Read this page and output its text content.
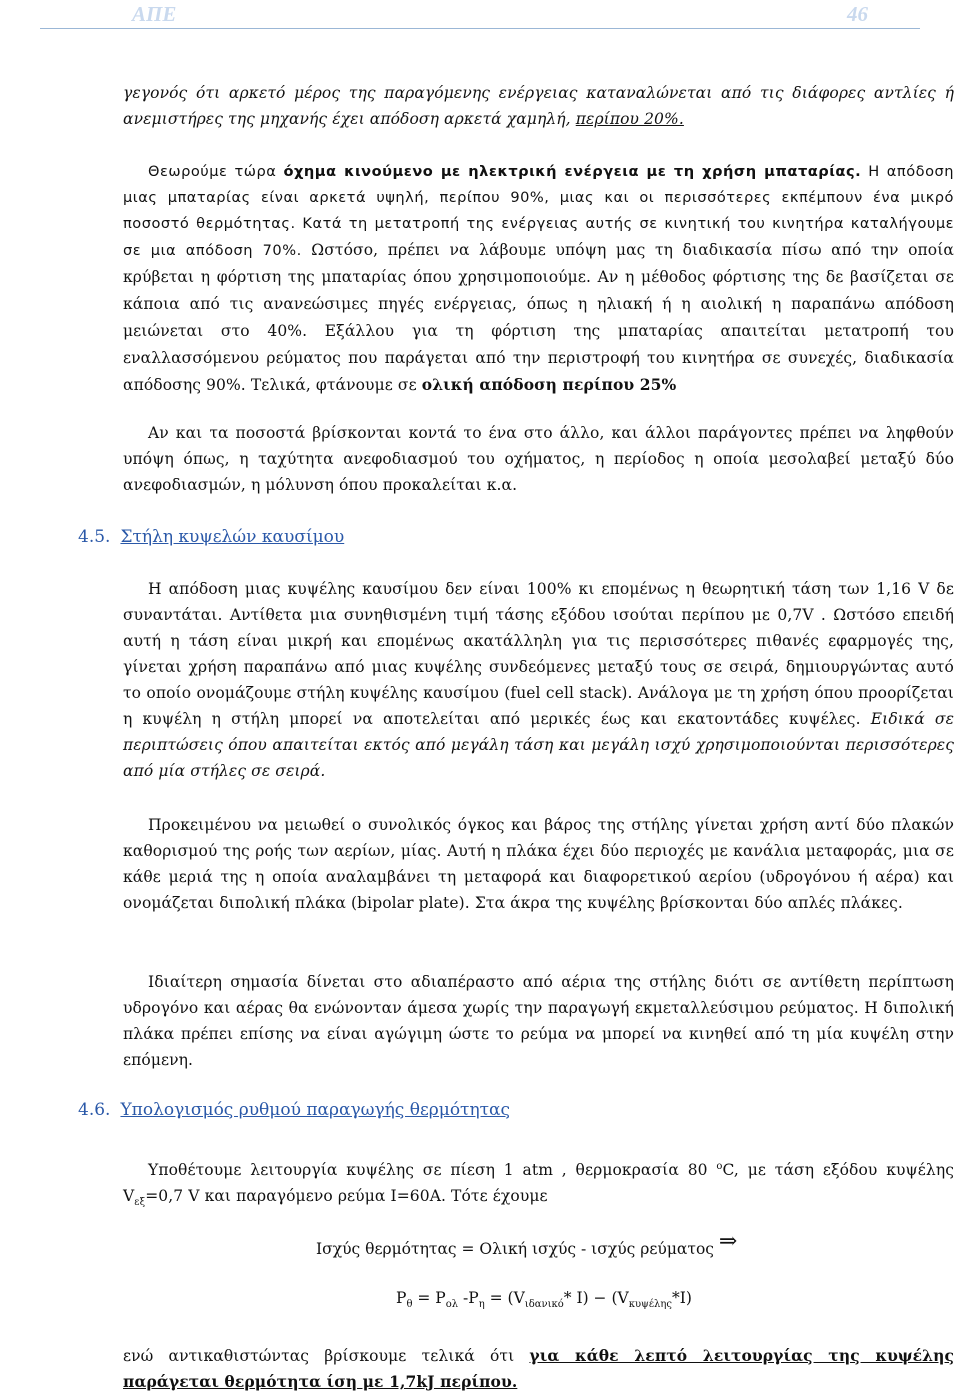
ΑΠΕ	46
γεγονός ότι αρκετό μέρος της παραγόμενης ενέργειας καταναλώνεται από τις διάφορες αντλίες ή ανεμιστήρες της μηχανής έχει απόδοση αρκετά χαμηλή, περίπου 20%.
Θεωρούμε τώρα όχημα κινούμενο με ηλεκτρική ενέργεια με τη χρήση μπαταρίας. Η απόδοση μιας μπαταρίας είναι αρκετά υψηλή, περίπου 90%, μιας και οι περισσότερες εκπέμπουν ένα μικρό ποσοστό θερμότητας. Κατά τη μετατροπή της ενέργειας αυτής σε κινητική του κινητήρα καταλήγουμε σε μια απόδοση 70%. Ωστόσο, πρέπει να λάβουμε υπόψη μας τη διαδικασία πίσω από την οποία κρύβεται η φόρτιση της μπαταρίας όπου χρησιμοποιούμε. Αν η μέθοδος φόρτισης της δε βασίζεται σε κάποια από τις ανανεώσιμες πηγές ενέργειας, όπως η ηλιακή ή η αιολική η παραπάνω απόδοση μειώνεται στο 40%. Εξάλλου για τη φόρτιση της μπαταρίας απαιτείται μετατροπή του εναλλασσόμενου ρεύματος που παράγεται από την περιστροφή του κινητήρα σε συνεχές, διαδικασία απόδοσης 90%. Τελικά, φτάνουμε σε ολική απόδοση περίπου 25%
Αν και τα ποσοστά βρίσκονται κοντά το ένα στο άλλο, και άλλοι παράγοντες πρέπει να ληφθούν υπόψη όπως, η ταχύτητα ανεφοδιασμού του οχήματος, η περίοδος η οποία μεσολαβεί μεταξύ δύο ανεφοδιασμών, η μόλυνση όπου προκαλείται κ.α.
4.5. Στήλη κυψελών καυσίμου
Η απόδοση μιας κυψέλης καυσίμου δεν είναι 100% κι επομένως η θεωρητική τάση των 1,16 V δε συναντάται. Αντίθετα μια συνηθισμένη τιμή τάσης εξόδου ισούται περίπου με 0,7V . Ωστόσο επειδή αυτή η τάση είναι μικρή και επομένως ακατάλληλη για τις περισσότερες πιθανές εφαρμογές της, γίνεται χρήση παραπάνω από μιας κυψέλης συνδεόμενες μεταξύ τους σε σειρά, δημιουργώντας αυτό το οποίο ονομάζουμε στήλη κυψέλης καυσίμου (fuel cell stack). Ανάλογα με τη χρήση όπου προορίζεται η κυψέλη η στήλη μπορεί να αποτελείται από μερικές έως και εκατοντάδες κυψέλες. Ειδικά σε περιπτώσεις όπου απαιτείται εκτός από μεγάλη τάση και μεγάλη ισχύ χρησιμοποιούνται περισσότερες από μία στήλες σε σειρά.
Προκειμένου να μειωθεί ο συνολικός όγκος και βάρος της στήλης γίνεται χρήση αντί δύο πλακών καθορισμού της ροής των αερίων, μίας. Αυτή η πλάκα έχει δύο περιοχές με κανάλια μεταφοράς, μια σε κάθε μεριά της η οποία αναλαμβάνει τη μεταφορά και διαφορετικού αερίου (υδρογόνου ή αέρα) και ονομάζεται διπολική πλάκα (bipolar plate). Στα άκρα της κυψέλης βρίσκονται δύο απλές πλάκες.
Ιδιαίτερη σημασία δίνεται στο αδιαπέραστο από αέρια της στήλης διότι σε αντίθετη περίπτωση υδρογόνο και αέρας θα ενώνονταν άμεσα χωρίς την παραγωγή εκμεταλλεύσιμου ρεύματος. Η διπολική πλάκα πρέπει επίσης να είναι αγώγιμη ώστε το ρεύμα να μπορεί να κινηθεί από τη μία κυψέλη στην επόμενη.
4.6. Υπολογισμός ρυθμού παραγωγής θερμότητας
Υποθέτουμε λειτουργία κυψέλης σε πίεση 1 atm , θερμοκρασία 80 $^o$C, με τάση εξόδου κυψέλης $V_{\varepsilon\xi}=0,7$ V και παραγόμενο ρεύμα I=60A. Τότε έχουμε
Ισχύς θερμότητας = Ολική ισχύς - ισχύς ρεύματος ⇒
$P_\theta = P_{o\lambda}$ $-P_\eta = (V_{\iota\delta\alpha\nu\iota\kappa ό}*$ $I) - (V_{\kappa\upsilon\psi έ\lambda\eta\varsigma}*I)$
ενώ αντικαθιστώντας βρίσκουμε τελικά ότι για κάθε λεπτό λειτουργίας της κυψέλης παράγεται θερμότητα ίση με 1,7kJ περίπου.
